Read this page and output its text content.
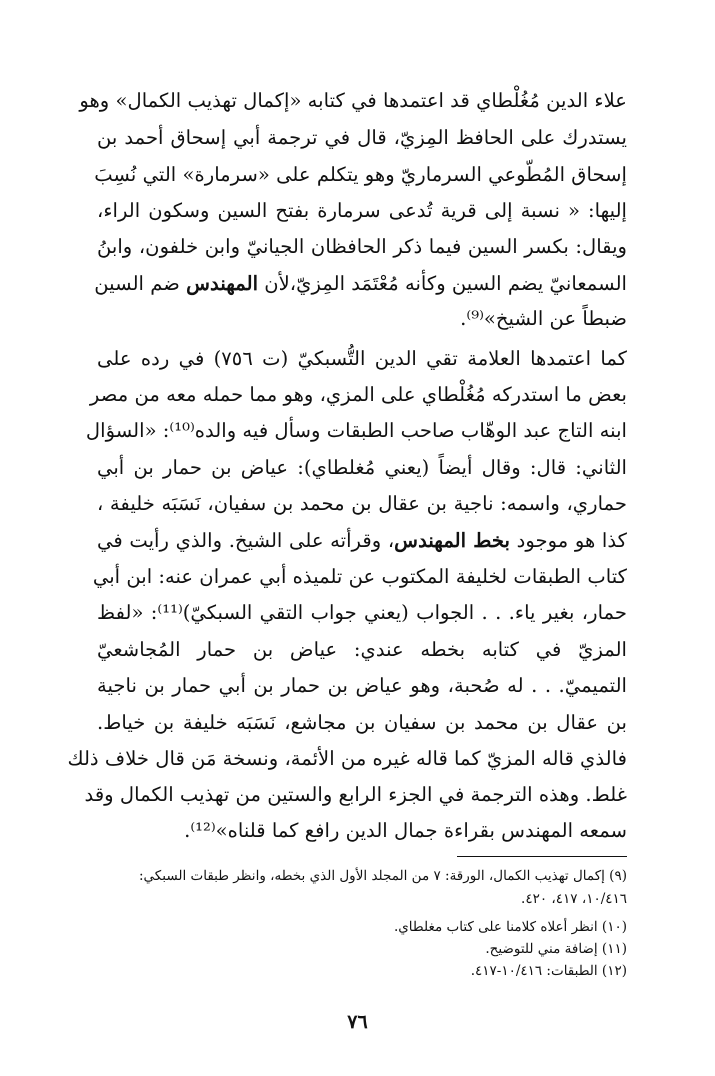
علاء الدين مُغُلْطاي قد اعتمدها في كتابه «إكمال تهذيب الكمال» وهو
يستدرك على الحافظ المِزيّ، قال في ترجمة أبي إسحاق أحمد بن
إسحاق المُطّوعي السرماريّ وهو يتكلم على «سرمارة» التي نُسِبَ
إليها: « نسبة إلى قرية تُدعى سرمارة بفتح السين وسكون الراء،
ويقال: بكسر السين فيما ذكر الحافظان الجيانيّ وابن خلفون، وابنُ
السمعانيّ يضم السين وكأنه مُعْتَمَد المِزيّ،لأن المهندس ضم السين
ضبطاً عن الشيخ»⁽⁹⁾.
كما اعتمدها العلامة تقي الدين التُّسبكيّ (ت ٧٥٦) في رده على
بعض ما استدركه مُغُلْطاي على المزي، وهو مما حمله معه من مصر
ابنه التاج عبد الوهّاب صاحب الطبقات وسأل فيه والده⁽¹⁰⁾: «السؤال
الثاني: قال: وقال أيضاً (يعني مُغلطاي): عياض بن حمار بن أبي
حماري، واسمه: ناجية بن عقال بن محمد بن سفيان، نَسَبَه خليفة ،
كذا هو موجود بخط المهندس، وقرأته على الشيخ. والذي رأيت في
كتاب الطبقات لخليفة المكتوب عن تلميذه أبي عمران عنه: ابن أبي
حمار، بغير ياء. . . الجواب (يعني جواب التقي السبكيّ)⁽¹¹⁾: «لفظ
المزيّ في كتابه بخطه عندي: عياض بن حمار المُجاشعيّ
التميميّ. . . له صُحبة، وهو عياض بن حمار بن أبي حمار بن ناجية
بن عقال بن محمد بن سفيان بن مجاشع، نَسَبَه خليفة بن خياط.
فالذي قاله المزيّ كما قاله غيره من الأئمة، ونسخة مَن قال خلاف ذلك
غلط. وهذه الترجمة في الجزء الرابع والستين من تهذيب الكمال وقد
سمعه المهندس بقراءة جمال الدين رافع كما قلناه»⁽¹²⁾.
(٩) إكمال تهذيب الكمال، الورقة: ٧ من المجلد الأول الذي بخطه، وانظر طبقات السبكي:
١٠/٤١٦، ٤١٧، ٤٢٠.
(١٠) انظر أعلاه كلامنا على كتاب مغلطاي.
(١١) إضافة مني للتوضيح.
(١٢) الطبقات: ١٠/٤١٦-٤١٧.
٧٦
